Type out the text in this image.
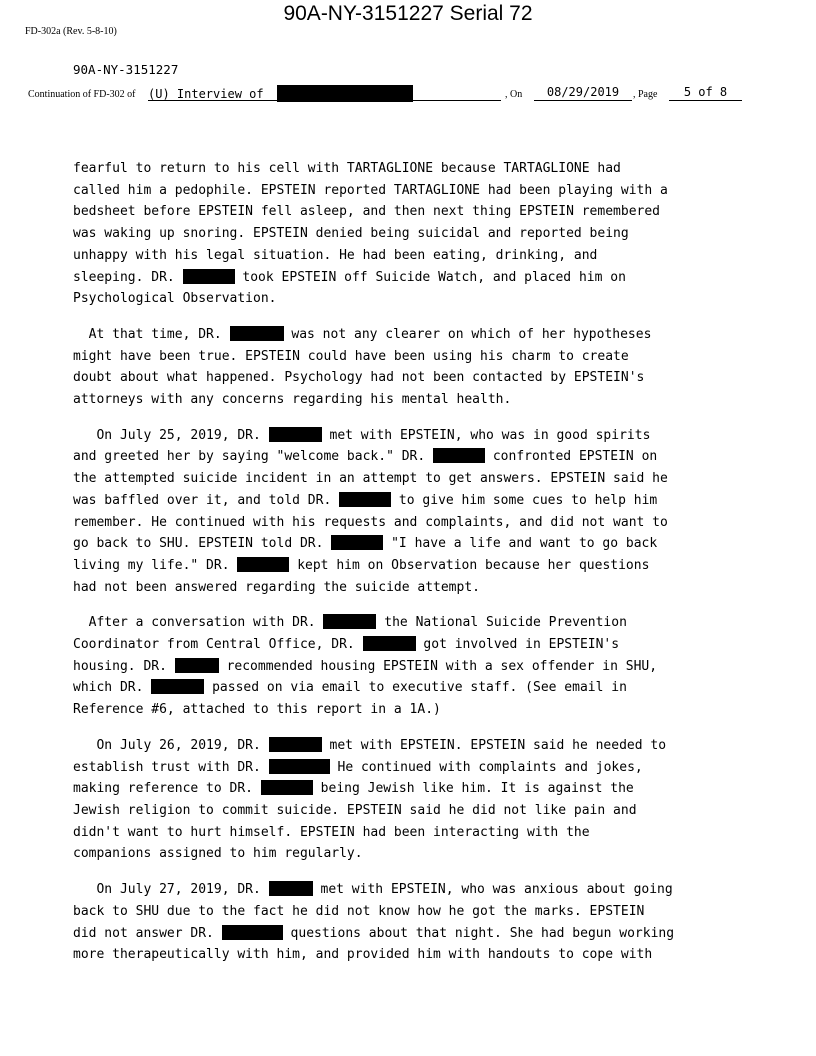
90A-NY-3151227 Serial 72
FD-302a (Rev. 5-8-10)
90A-NY-3151227
Continuation of FD-302 of (U) Interview of	, On	08/29/2019	, Page	5 of 8

fearful to return to his cell with TARTAGLIONE because TARTAGLIONE had
called him a pedophile. EPSTEIN reported TARTAGLIONE had been playing with a
bedsheet before EPSTEIN fell asleep, and then next thing EPSTEIN remembered
was waking up snoring. EPSTEIN denied being suicidal and reported being
unhappy with his legal situation. He had been eating, drinking, and
sleeping. DR.	took EPSTEIN off Suicide Watch, and placed him on
Psychological Observation.

At that time, DR.	was not any clearer on which of her hypotheses
might have been true. EPSTEIN could have been using his charm to create
doubt about what happened. Psychology had not been contacted by EPSTEIN's
attorneys with any concerns regarding his mental health.

On July 25, 2019, DR.	met with EPSTEIN, who was in good spirits
and greeted her by saying "welcome back." DR.	confronted EPSTEIN on
the attempted suicide incident in an attempt to get answers. EPSTEIN said he
was baffled over it, and told DR.	to give him some cues to help him
remember. He continued with his requests and complaints, and did not want to
go back to SHU. EPSTEIN told DR.	"I have a life and want to go back
living my life." DR.	kept him on Observation because her questions
had not been answered regarding the suicide attempt.

After a conversation with DR.	the National Suicide Prevention
Coordinator from Central Office, DR.	got involved in EPSTEIN's
housing. DR.	recommended housing EPSTEIN with a sex offender in SHU,
which DR.	passed on via email to executive staff. (See email in
Reference #6, attached to this report in a 1A.)

On July 26, 2019, DR.	met with EPSTEIN. EPSTEIN said he needed to
establish trust with DR.	He continued with complaints and jokes,
making reference to DR.	being Jewish like him. It is against the
Jewish religion to commit suicide. EPSTEIN said he did not like pain and
didn't want to hurt himself. EPSTEIN had been interacting with the
companions assigned to him regularly.

On July 27, 2019, DR.	met with EPSTEIN, who was anxious about going
back to SHU due to the fact he did not know how he got the marks. EPSTEIN
did not answer DR.	questions about that night. She had begun working
more therapeutically with him, and provided him with handouts to cope with
